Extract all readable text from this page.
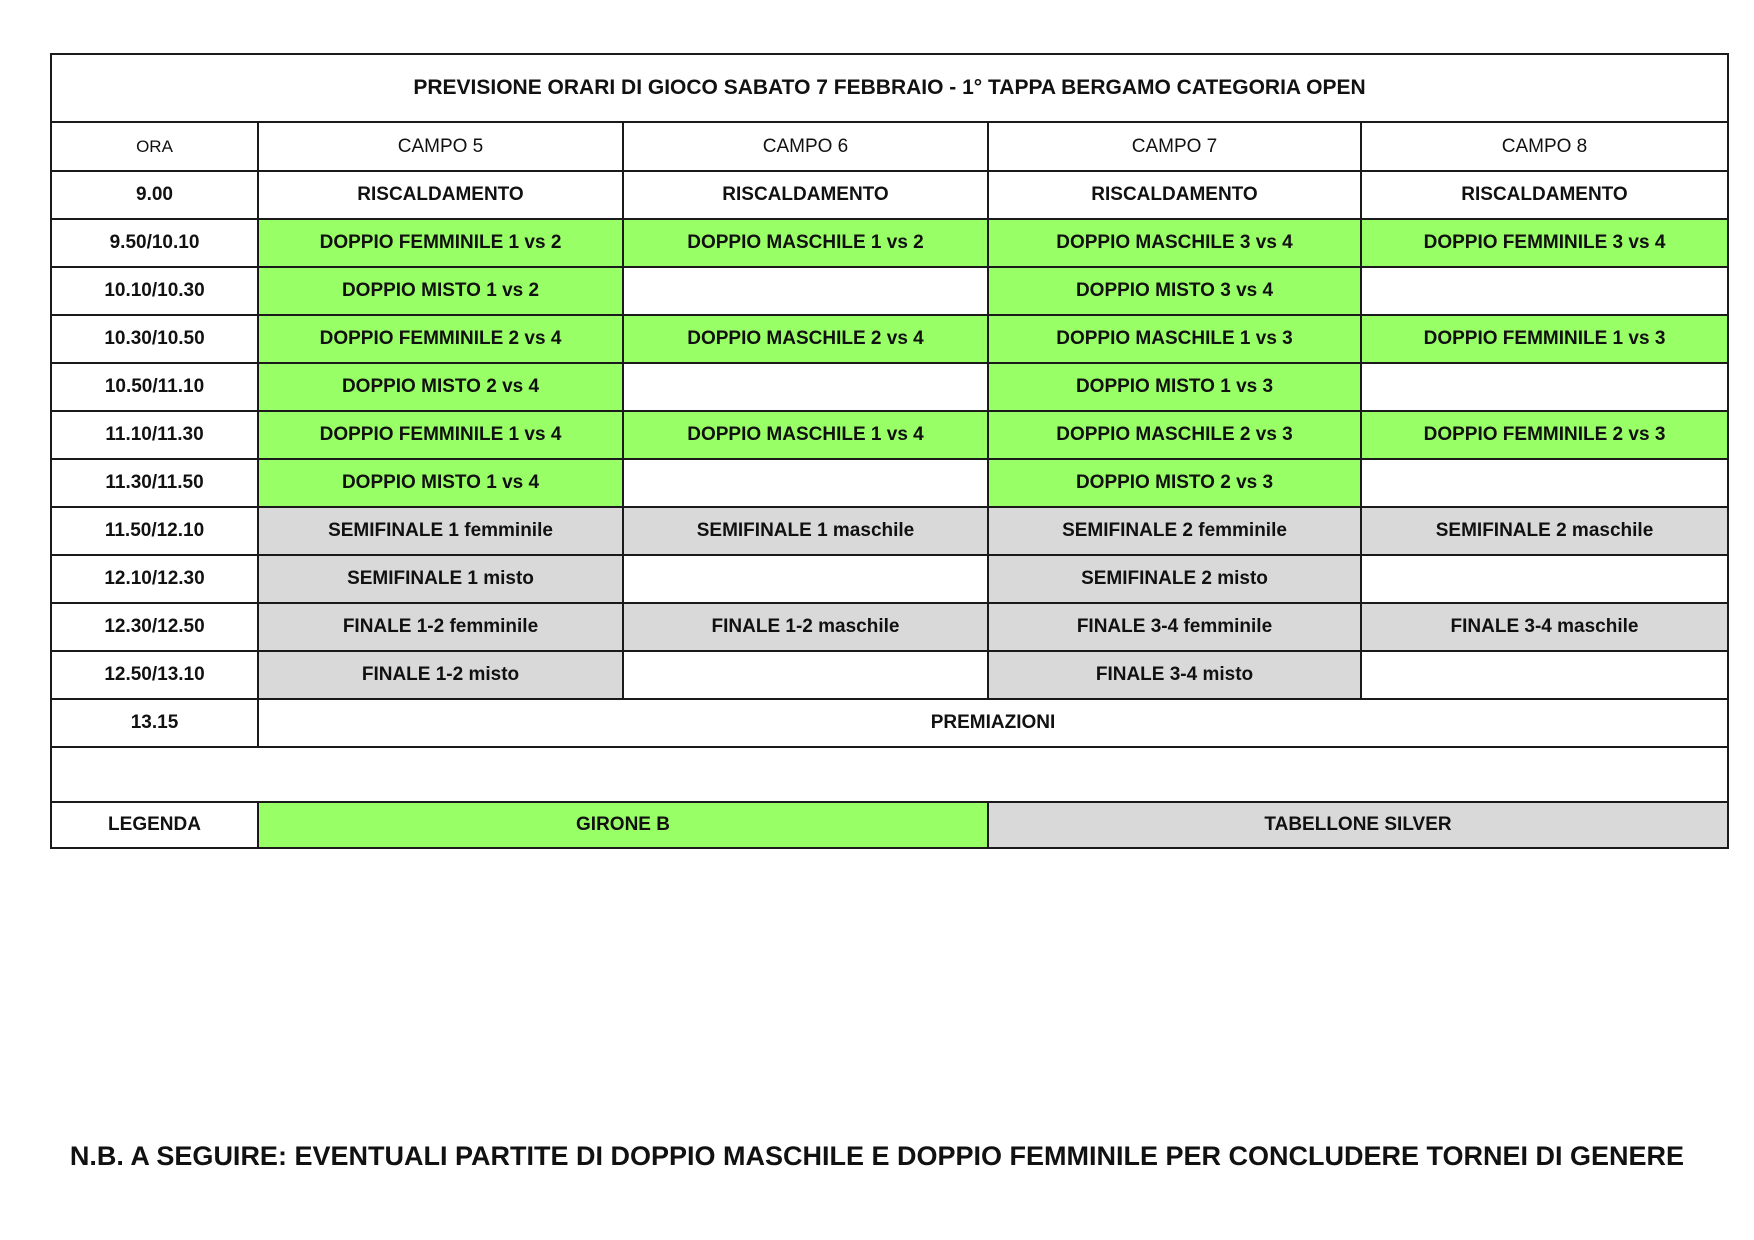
PREVISIONE ORARI DI GIOCO SABATO 7 FEBBRAIO - 1° TAPPA BERGAMO CATEGORIA OPEN				
ORA	CAMPO 5	CAMPO 6	CAMPO 7	CAMPO 8
9.00	RISCALDAMENTO	RISCALDAMENTO	RISCALDAMENTO	RISCALDAMENTO
9.50/10.10	DOPPIO FEMMINILE 1 vs 2	DOPPIO MASCHILE 1 vs 2	DOPPIO MASCHILE 3 vs 4	DOPPIO FEMMINILE 3 vs 4
10.10/10.30	DOPPIO MISTO 1 vs 2		DOPPIO MISTO 3 vs 4	
10.30/10.50	DOPPIO FEMMINILE 2 vs 4	DOPPIO MASCHILE 2 vs 4	DOPPIO MASCHILE 1 vs 3	DOPPIO FEMMINILE 1 vs 3
10.50/11.10	DOPPIO MISTO 2 vs 4		DOPPIO MISTO 1 vs 3	
11.10/11.30	DOPPIO FEMMINILE 1 vs 4	DOPPIO MASCHILE 1 vs 4	DOPPIO MASCHILE 2 vs 3	DOPPIO FEMMINILE 2 vs 3
11.30/11.50	DOPPIO MISTO 1 vs 4		DOPPIO MISTO 2 vs 3	
11.50/12.10	SEMIFINALE 1 femminile	SEMIFINALE 1 maschile	SEMIFINALE 2 femminile	SEMIFINALE 2 maschile
12.10/12.30	SEMIFINALE 1 misto		SEMIFINALE 2 misto	
12.30/12.50	FINALE 1-2 femminile	FINALE 1-2 maschile	FINALE 3-4 femminile	FINALE 3-4 maschile
12.50/13.10	FINALE 1-2 misto		FINALE 3-4 misto	
13.15	PREMIAZIONI			

LEGENDA	GIRONE B		TABELLONE SILVER	
N.B. A SEGUIRE: EVENTUALI PARTITE DI DOPPIO MASCHILE E DOPPIO FEMMINILE PER CONCLUDERE TORNEI DI GENERE
